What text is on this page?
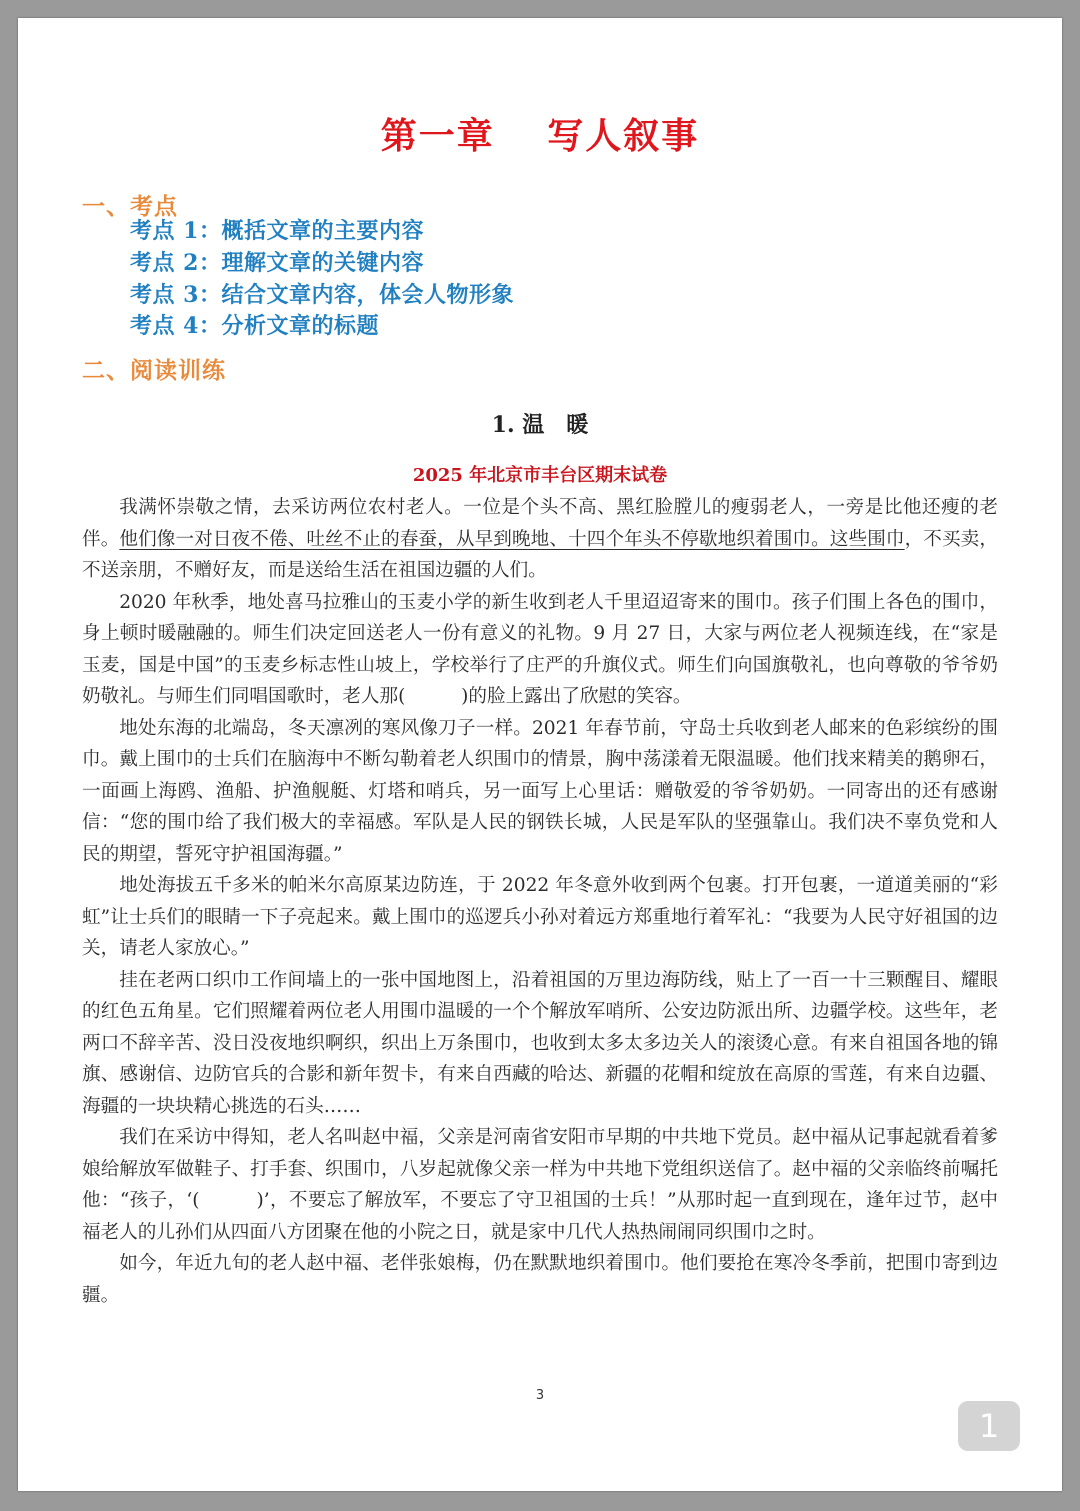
第一章　 写人叙事
一、考点
考点 1：概括文章的主要内容
考点 2：理解文章的关键内容
考点 3：结合文章内容，体会人物形象
考点 4：分析文章的标题
二、阅读训练
1. 温　暖
2025 年北京市丰台区期末试卷

我满怀崇敬之情，去采访两位农村老人。一位是个头不高、黑红脸膛儿的瘦弱老人，一旁是比他还瘦的老伴。他们像一对日夜不倦、吐丝不止的春蚕，从早到晚地、十四个年头不停歇地织着围巾。这些围巾，不买卖，不送亲朋，不赠好友，而是送给生活在祖国边疆的人们。

2020 年秋季，地处喜马拉雅山的玉麦小学的新生收到老人千里迢迢寄来的围巾。孩子们围上各色的围巾，身上顿时暖融融的。师生们决定回送老人一份有意义的礼物。9 月 27 日，大家与两位老人视频连线，在“家是玉麦，国是中国”的玉麦乡标志性山坡上，学校举行了庄严的升旗仪式。师生们向国旗敬礼，也向尊敬的爷爷奶奶敬礼。与师生们同唱国歌时，老人那(　　　)的脸上露出了欣慰的笑容。

地处东海的北端岛，冬天凛冽的寒风像刀子一样。2021 年春节前，守岛士兵收到老人邮来的色彩缤纷的围巾。戴上围巾的士兵们在脑海中不断勾勒着老人织围巾的情景，胸中荡漾着无限温暖。他们找来精美的鹅卵石，一面画上海鸥、渔船、护渔舰艇、灯塔和哨兵，另一面写上心里话：赠敬爱的爷爷奶奶。一同寄出的还有感谢信：“您的围巾给了我们极大的幸福感。军队是人民的钢铁长城，人民是军队的坚强靠山。我们决不辜负党和人民的期望，誓死守护祖国海疆。”

地处海拔五千多米的帕米尔高原某边防连，于 2022 年冬意外收到两个包裹。打开包裹，一道道美丽的“彩虹”让士兵们的眼睛一下子亮起来。戴上围巾的巡逻兵小孙对着远方郑重地行着军礼：“我要为人民守好祖国的边关，请老人家放心。”

挂在老两口织巾工作间墙上的一张中国地图上，沿着祖国的万里边海防线，贴上了一百一十三颗醒目、耀眼的红色五角星。它们照耀着两位老人用围巾温暖的一个个解放军哨所、公安边防派出所、边疆学校。这些年，老两口不辞辛苦、没日没夜地织啊织，织出上万条围巾，也收到太多太多边关人的滚烫心意。有来自祖国各地的锦旗、感谢信、边防官兵的合影和新年贺卡，有来自西藏的哈达、新疆的花帽和绽放在高原的雪莲，有来自边疆、海疆的一块块精心挑选的石头……

我们在采访中得知，老人名叫赵中福，父亲是河南省安阳市早期的中共地下党员。赵中福从记事起就看着爹娘给解放军做鞋子、打手套、织围巾，八岁起就像父亲一样为中共地下党组织送信了。赵中福的父亲临终前嘱托他：“孩子，‘(　　　)’，不要忘了解放军，不要忘了守卫祖国的士兵！”从那时起一直到现在，逢年过节，赵中福老人的儿孙们从四面八方团聚在他的小院之日，就是家中几代人热热闹闹同织围巾之时。

如今，年近九旬的老人赵中福、老伴张娘梅，仍在默默地织着围巾。他们要抢在寒冷冬季前，把围巾寄到边疆。

3
1
